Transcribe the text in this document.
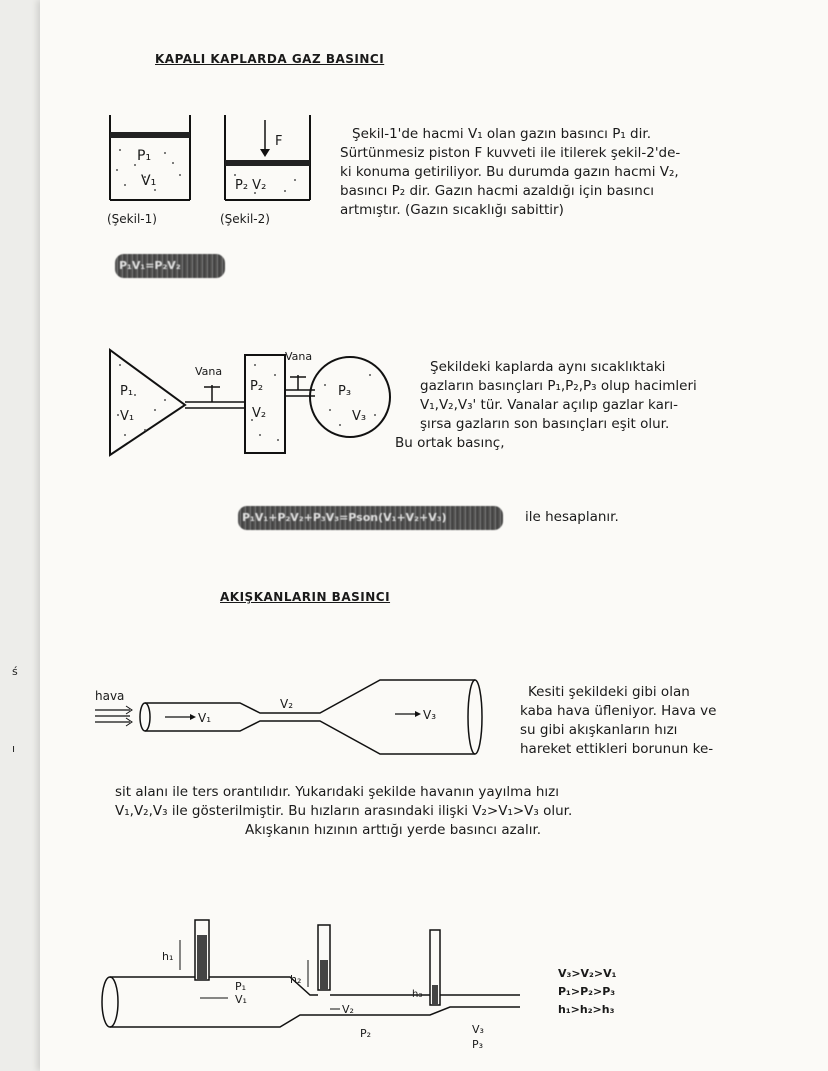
ś
ı
KAPALI KAPLARDA GAZ BASINCI
P₁
V₁
(Şekil-1)
F
P₂ V₂
(Şekil-2)
Şekil-1'de hacmi V₁ olan gazın basıncı P₁ dir.
Sürtünmesiz piston F kuvveti ile itilerek şekil-2'de-
ki konuma getiriliyor. Bu durumda gazın hacmi V₂,
basıncı P₂ dir. Gazın hacmi azaldığı için basıncı
artmıştır. (Gazın sıcaklığı sabittir)
P₁V₁=P₂V₂
P₁
V₁
Vana
P₂
V₂
Vana
P₃
V₃
Şekildeki kaplarda aynı sıcaklıktaki
gazların basınçları P₁,P₂,P₃ olup hacimleri
V₁,V₂,V₃' tür. Vanalar açılıp gazlar karı-
şırsa gazların son basınçları eşit olur.
Bu ortak basınç,
P₁V₁+P₂V₂+P₃V₃=Pson(V₁+V₂+V₃)	ile hesaplanır.
AKIŞKANLARIN BASINCI
hava
V₁
V₂
V₃
Kesiti şekildeki gibi olan
kaba hava üfleniyor. Hava ve
su gibi akışkanların hızı
hareket ettikleri borunun ke-
sit alanı ile ters orantılıdır. Yukarıdaki şekilde havanın yayılma hızı
V₁,V₂,V₃ ile gösterilmiştir. Bu hızların arasındaki ilişki V₂>V₁>V₃ olur.
Akışkanın hızının arttığı yerde basıncı azalır.
h₁
h₂
h₃
P₁
V₁
V₂
P₂	V₃
P₃
V₃>V₂>V₁
P₁>P₂>P₃
h₁>h₂>h₃
